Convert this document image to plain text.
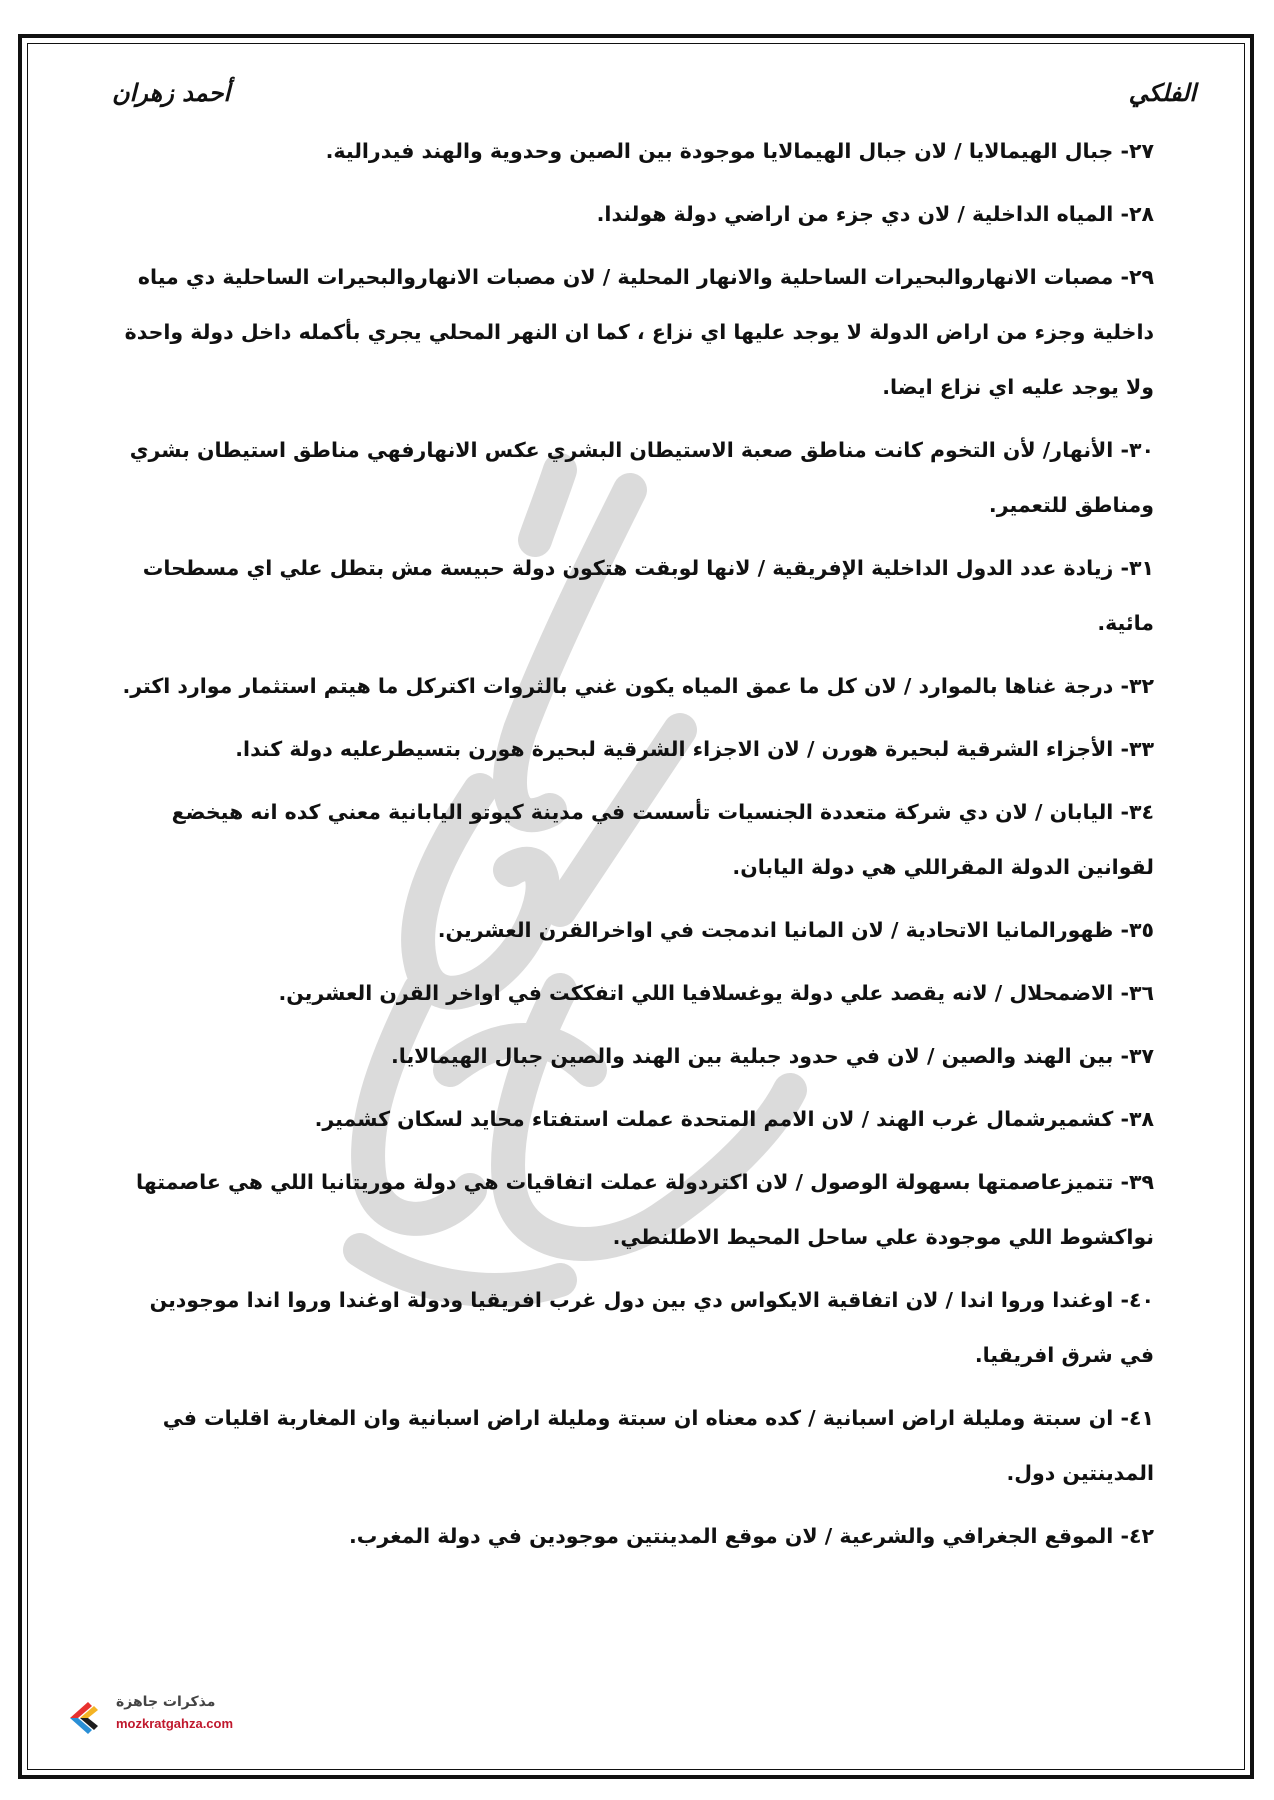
الفلكي
أحمد زهران
٢٧- جبال الهيمالايا / لان جبال الهيمالايا موجودة بين الصين وحدوية والهند فيدرالية.
٢٨- المياه الداخلية / لان دي جزء من اراضي دولة هولندا.
٢٩- مصبات الانهاروالبحيرات الساحلية والانهار المحلية / لان مصبات الانهاروالبحيرات الساحلية دي مياه داخلية وجزء من اراض الدولة لا يوجد عليها اي نزاع ، كما ان النهر المحلي يجري بأكمله داخل دولة واحدة ولا يوجد عليه اي نزاع ايضا.
٣٠- الأنهار/ لأن التخوم كانت مناطق صعبة الاستيطان البشري عكس الانهارفهي مناطق استيطان بشري ومناطق للتعمير.
٣١- زيادة عدد الدول الداخلية الإفريقية / لانها لوبقت هتكون دولة حبيسة مش بتطل علي اي مسطحات مائية.
٣٢- درجة غناها بالموارد / لان كل ما عمق المياه يكون غني بالثروات اكتركل ما هيتم استثمار موارد اكتر.
٣٣- الأجزاء الشرقية لبحيرة هورن / لان الاجزاء الشرقية لبحيرة هورن بتسيطرعليه دولة كندا.
٣٤- اليابان / لان دي شركة متعددة الجنسيات تأسست في مدينة كيوتو اليابانية معني كده انه هيخضع لقوانين الدولة المقراللي هي دولة اليابان.
٣٥- ظهورالمانيا الاتحادية / لان المانيا اندمجت في اواخرالقرن العشرين.
٣٦- الاضمحلال / لانه يقصد علي دولة يوغسلافيا اللي اتفككت في اواخر القرن العشرين.
٣٧- بين الهند والصين / لان في حدود جبلية بين الهند والصين جبال الهيمالايا.
٣٨- كشميرشمال غرب الهند / لان الامم المتحدة عملت استفتاء محايد لسكان كشمير.
٣٩- تتميزعاصمتها بسهولة الوصول / لان اكتردولة عملت اتفاقيات هي دولة موريتانيا اللي هي عاصمتها نواكشوط اللي موجودة علي ساحل المحيط الاطلنطي.
٤٠- اوغندا وروا اندا / لان اتفاقية الايكواس دي بين دول غرب افريقيا ودولة اوغندا وروا اندا موجودين في شرق افريقيا.
٤١- ان سبتة ومليلة اراض اسبانية / كده معناه ان سبتة ومليلة اراض اسبانية وان المغاربة اقليات في المدينتين دول.
٤٢- الموقع الجغرافي والشرعية / لان موقع المدينتين موجودين في دولة المغرب.
مذكرات جاهزة
mozkratgahza.com
